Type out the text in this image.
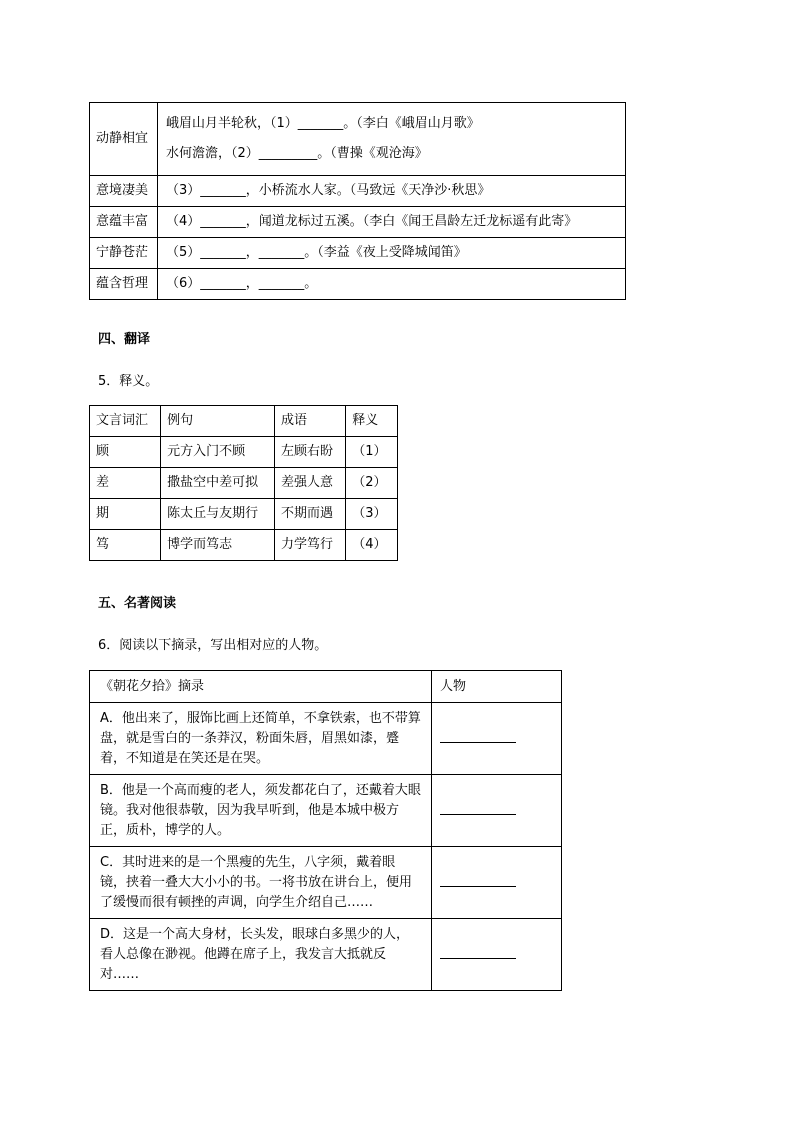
动静相宜	峨眉山月半轮秋，（1）_______。（李白《峨眉山月歌》
水何澹澹，（2）_________。（曹操《观沧海》

意境凄美	（3）_______，小桥流水人家。（马致远《天净沙·秋思》
意蕴丰富	（4）_______，闻道龙标过五溪。（李白《闻王昌龄左迁龙标遥有此寄》
宁静苍茫	（5）_______，_______。（李益《夜上受降城闻笛》
蕴含哲理	（6）_______，_______。
四、翻译
5．释义。
文言词汇	例句	成语	释义
顾	元方入门不顾	左顾右盼	（1）
差	撒盐空中差可拟	差强人意	（2）
期	陈太丘与友期行	不期而遇	（3）
笃	博学而笃志	力学笃行	（4）
五、名著阅读
6．阅读以下摘录，写出相对应的人物。
《朝花夕拾》摘录	人物
A．他出来了，服饰比画上还简单，不拿铁索，也不带算盘，就是雪白的一条莽汉，粉面朱唇，眉黑如漆，蹙着，不知道是在笑还是在哭。	
B．他是一个高而瘦的老人，须发都花白了，还戴着大眼镜。我对他很恭敬，因为我早听到，他是本城中极方正，质朴，博学的人。	
C．其时进来的是一个黑瘦的先生，八字须，戴着眼镜，挟着一叠大大小小的书。一将书放在讲台上，便用了缓慢而很有顿挫的声调，向学生介绍自己……	
D．这是一个高大身材，长头发，眼球白多黑少的人，看人总像在渺视。他蹲在席子上，我发言大抵就反对……	
